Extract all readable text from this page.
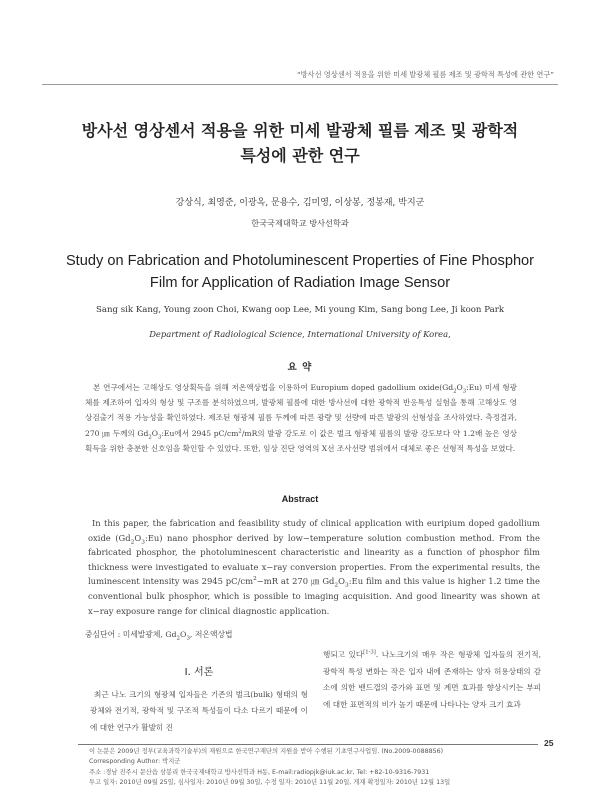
“방사선 영상센서 적용을 위한 미세 발광체 필름 제조 및 광학적 특성에 관한 연구”
방사선 영상센서 적용을 위한 미세 발광체 필름 제조 및 광학적
특성에 관한 연구
강상식, 최영준, 이광옥, 문용수, 김미영, 이상봉, 정봉재, 박지군
한국국제대학교 방사선학과
Study on Fabrication and Photoluminescent Properties of Fine Phosphor
Film for Application of Radiation Image Sensor
Sang sik Kang, Young zoon Choi, Kwang oop Lee, Mi young Kim, Sang bong Lee, Ji koon Park
Department of Radiological Science, International University of Korea,
요 약

본 연구에서는 고해상도 영상획득을 위해 저온액상법을 이용하여 Europium doped gadollium $oxide(Gd_2O_3:Eu)$ 미세 형광체를 제조하여 입자의 형상 및 구조를 분석하였으며, 발광체 필름에 대한 방사선에 대한 광학적 반응특성 실험을 통해 고해상도 영상검출기 적용 가능성을 확인하였다. 제조된 형광체 필름 두께에 따른 광량 및 선량에 따른 발광의 선형성을 조사하였다. 측정결과, 270 ㎛ 두께의 $Gd_2O_3:Eu$에서 2945 $pC/cm^2/mR$의 발광 강도로 이 값은 벌크 형광체 필름의 발광 강도보다 약 1.2배 높은 영상 획득을 위한 충분한 신호임을 확인할 수 있었다. 또한, 임상 진단 영역의 X선 조사선량 범위에서 대체로 좋은 선형적 특성을 보였다.

Abstract

In this paper, the fabrication and feasibility study of clinical application with euripium doped gadollium oxide $(Gd_2O_3:Eu)$ nano phosphor derived by low−temperature solution combustion method. From the fabricated phosphor, the photoluminescent characteristic and linearity as a function of phosphor film thickness were investigated to evaluate x−ray conversion properties. From the experimental results, the luminescent intensity was 2945 $pC/cm^2-mR$ at 270 ㎛ $Gd_2O_3:Eu$ film and this value is higher 1.2 time the conventional bulk phosphor, which is possible to imaging acquisition. And good linearity was shown at x−ray exposure range for clinical diagnostic application.

중심단어 : 미세발광체, $Gd_2O_3$, 저온액상법
I. 서론

최근 나노 크기의 형광체 입자들은 기존의 벌크(bulk) 형태의 형광체와 전기적, 광학적 및 구조적 특성들이 다소 다르기 때문에 이에 대한 연구가 활발히 진

행되고 있다[1-3]. 나노크기의 매우 작은 형광체 입자들의 전기적, 광학적 특성 변화는 작은 입자 내에 존재하는 양자 허용상태의 감소에 의한 밴드갭의 증가와 표면 및 계면 효과를 향상시키는 부피에 대한 표면적의 비가 높기 때문에 나타나는 양자 크기 효과

25
이 논문은 2009년 정부(교육과학기술부)의 재원으로 한국연구재단의 지원을 받아 수행된 기초연구사업임. (No.2009-0088856)
Corresponding Author: 박지군
주소 :경남 진주시 문산읍 삼봉리 한국국제대학교 방사선학과 H동, E-mail:radiopjk@iuk.ac.kr, Tel: +82-10-9316-7931
투고 일자: 2010년 09월 25일, 심사일자: 2010년 09월 30일, 수정 일자: 2010년 11월 20일, 게재 확정일자: 2010년 12월 13일
